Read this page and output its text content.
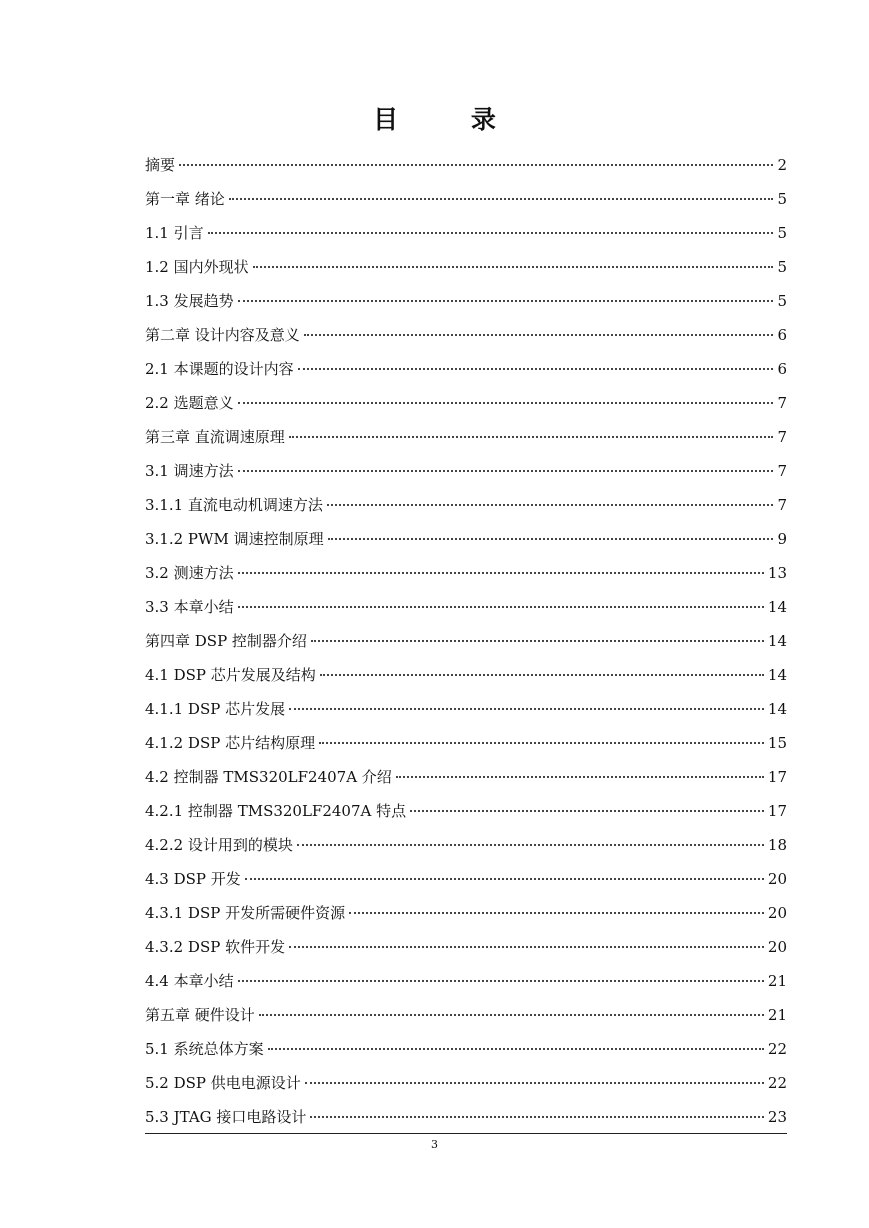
目 录
摘要	2
第一章 绪论	5
1.1 引言	5
1.2 国内外现状	5
1.3 发展趋势	5
第二章 设计内容及意义	6
2.1 本课题的设计内容	6
2.2 选题意义	7
第三章 直流调速原理	7
3.1 调速方法	7
3.1.1 直流电动机调速方法	7
3.1.2 PWM 调速控制原理	9
3.2 测速方法	13
3.3 本章小结	14
第四章 DSP 控制器介绍	14
4.1 DSP 芯片发展及结构	14
4.1.1 DSP 芯片发展	14
4.1.2 DSP 芯片结构原理	15
4.2 控制器 TMS320LF2407A 介绍	17
4.2.1 控制器 TMS320LF2407A 特点	17
4.2.2 设计用到的模块	18
4.3 DSP 开发	20
4.3.1 DSP 开发所需硬件资源	20
4.3.2 DSP 软件开发	20
4.4 本章小结	21
第五章 硬件设计	21
5.1 系统总体方案	22
5.2 DSP 供电电源设计	22
5.3 JTAG 接口电路设计	23
3
